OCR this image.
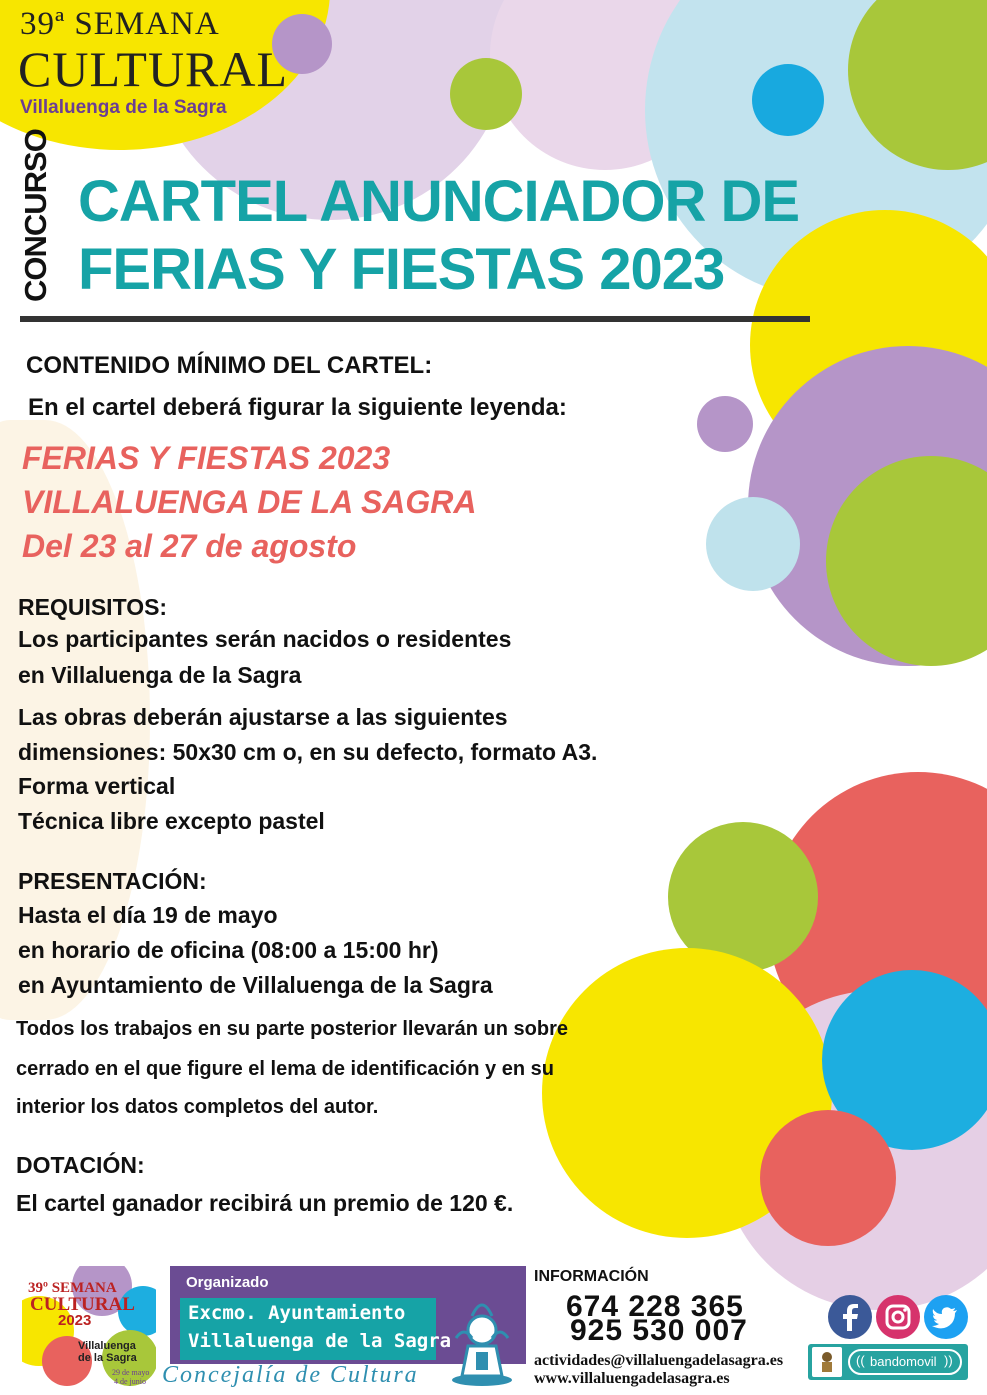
39ª SEMANA
CULTURAL
Villaluenga de la Sagra
CONCURSO CARTEL ANUNCIADOR DE
FERIAS Y FIESTAS 2023
CONTENIDO MÍNIMO DEL CARTEL:
En el cartel deberá figurar la siguiente leyenda:
FERIAS Y FIESTAS 2023
VILLALUENGA DE LA SAGRA
Del 23 al 27 de agosto
REQUISITOS:
Los participantes serán nacidos o residentes
en Villaluenga de la Sagra
Las obras deberán ajustarse a las siguientes
dimensiones: 50x30 cm o, en su defecto, formato A3.
Forma vertical
Técnica libre excepto pastel
PRESENTACIÓN:
Hasta el día 19 de mayo
en horario de oficina (08:00 a 15:00 hr)
en Ayuntamiento de Villaluenga de la Sagra
Todos los trabajos en su parte posterior llevarán un sobre
cerrado en el que figure el lema de identificación y en su
interior los datos completos del autor.
DOTACIÓN:
El cartel ganador recibirá un premio de 120 €.
39º SEMANA
CULTURAL
2023
Villaluenga
de la Sagra
29 de mayo
4 de junio
Organizado
Excmo. Ayuntamiento
Villaluenga de la Sagra
Concejalía de Cultura
INFORMACIÓN
674 228 365
925 530 007
actividades@villaluengadelasagra.es
www.villaluengadelasagra.es
bandomovil
((	))
